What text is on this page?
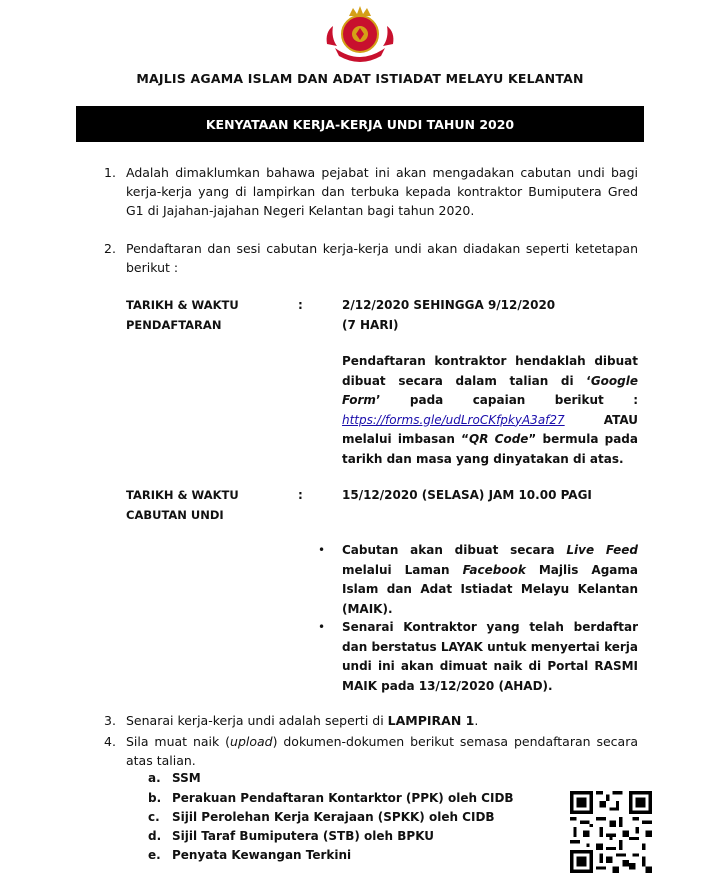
MAJLIS AGAMA ISLAM DAN ADAT ISTIADAT MELAYU KELANTAN
KENYATAAN KERJA-KERJA UNDI TAHUN 2020
1. Adalah dimaklumkan bahawa pejabat ini akan mengadakan cabutan undi bagi kerja-kerja yang di lampirkan dan terbuka kepada kontraktor Bumiputera Gred G1 di Jajahan-jajahan Negeri Kelantan bagi tahun 2020.
2. Pendaftaran dan sesi cabutan kerja-kerja undi akan diadakan seperti ketetapan berikut :
TARIKH & WAKTU
PENDAFTARAN
:	2/12/2020 SEHINGGA 9/12/2020
(7 HARI)
Pendaftaran kontraktor hendaklah dibuat dibuat secara dalam talian di ‘Google Form’ pada capaian berikut : https://forms.gle/udLroCKfpkyA3af27 ATAU melalui imbasan “QR Code” bermula pada tarikh dan masa yang dinyatakan di atas.
TARIKH & WAKTU
CABUTAN UNDI
:	15/12/2020 (SELASA) JAM 10.00 PAGI
• Cabutan akan dibuat secara Live Feed melalui Laman Facebook Majlis Agama Islam dan Adat Istiadat Melayu Kelantan (MAIK).
• Senarai Kontraktor yang telah berdaftar dan berstatus LAYAK untuk menyertai kerja undi ini akan dimuat naik di Portal RASMI MAIK pada 13/12/2020 (AHAD).
3. Senarai kerja-kerja undi adalah seperti di LAMPIRAN 1.
4. Sila muat naik (upload) dokumen-dokumen berikut semasa pendaftaran secara atas talian.
a. SSM
b. Perakuan Pendaftaran Kontarktor (PPK) oleh CIDB
c. Sijil Perolehan Kerja Kerajaan (SPKK) oleh CIDB
d. Sijil Taraf Bumiputera (STB) oleh BPKU
e. Penyata Kewangan Terkini
